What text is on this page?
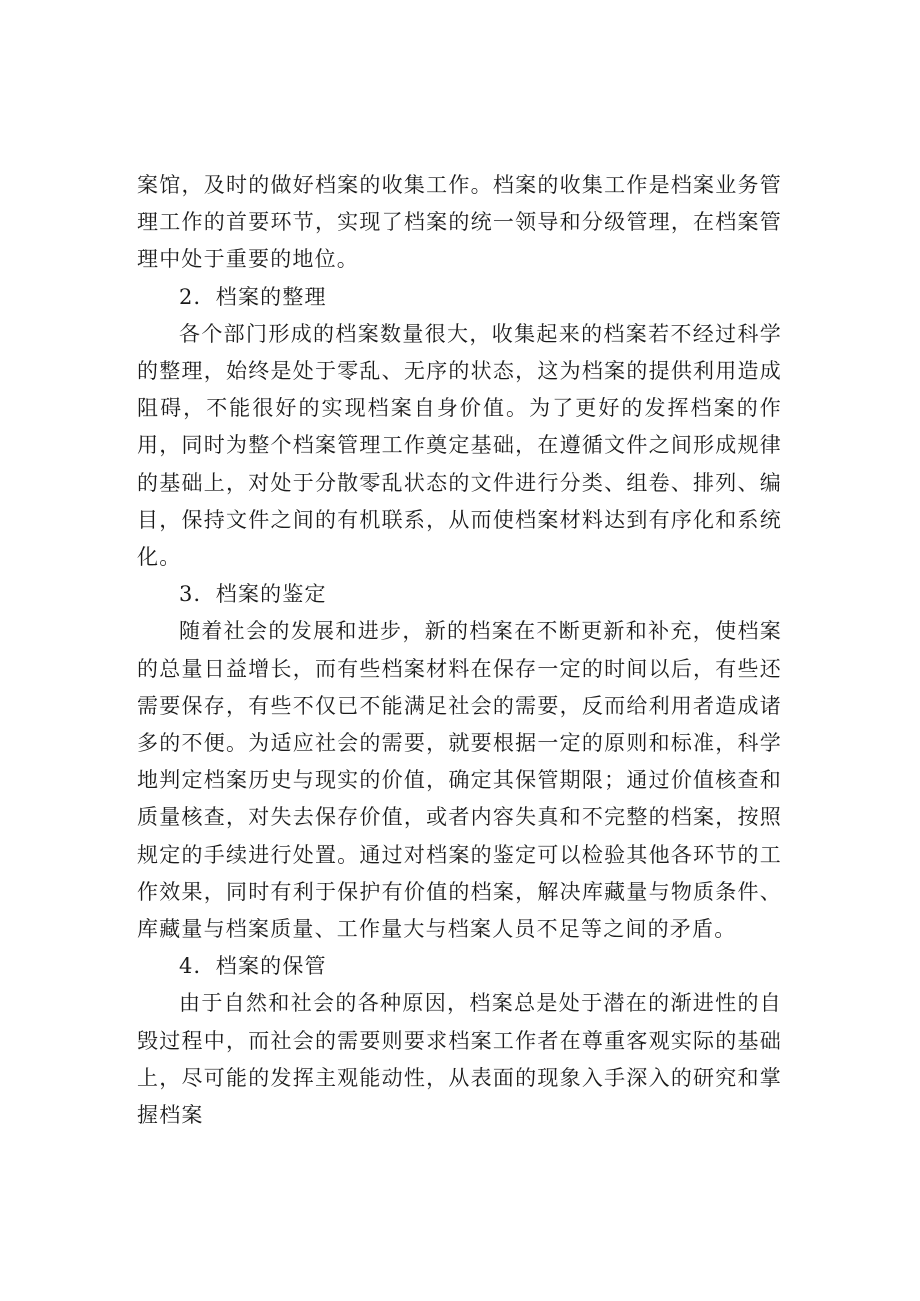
案馆，及时的做好档案的收集工作。档案的收集工作是档案业务管理工作的首要环节，实现了档案的统一领导和分级管理，在档案管理中处于重要的地位。

2．档案的整理

各个部门形成的档案数量很大，收集起来的档案若不经过科学的整理，始终是处于零乱、无序的状态，这为档案的提供利用造成阻碍，不能很好的实现档案自身价值。为了更好的发挥档案的作用，同时为整个档案管理工作奠定基础，在遵循文件之间形成规律的基础上，对处于分散零乱状态的文件进行分类、组卷、排列、编目，保持文件之间的有机联系，从而使档案材料达到有序化和系统化。

3．档案的鉴定

随着社会的发展和进步，新的档案在不断更新和补充，使档案的总量日益增长，而有些档案材料在保存一定的时间以后，有些还需要保存，有些不仅已不能满足社会的需要，反而给利用者造成诸多的不便。为适应社会的需要，就要根据一定的原则和标准，科学地判定档案历史与现实的价值，确定其保管期限；通过价值核查和质量核查，对失去保存价值，或者内容失真和不完整的档案，按照规定的手续进行处置。通过对档案的鉴定可以检验其他各环节的工作效果，同时有利于保护有价值的档案，解决库藏量与物质条件、库藏量与档案质量、工作量大与档案人员不足等之间的矛盾。

4．档案的保管

由于自然和社会的各种原因，档案总是处于潜在的渐进性的自毁过程中，而社会的需要则要求档案工作者在尊重客观实际的基础上，尽可能的发挥主观能动性，从表面的现象入手深入的研究和掌握档案
